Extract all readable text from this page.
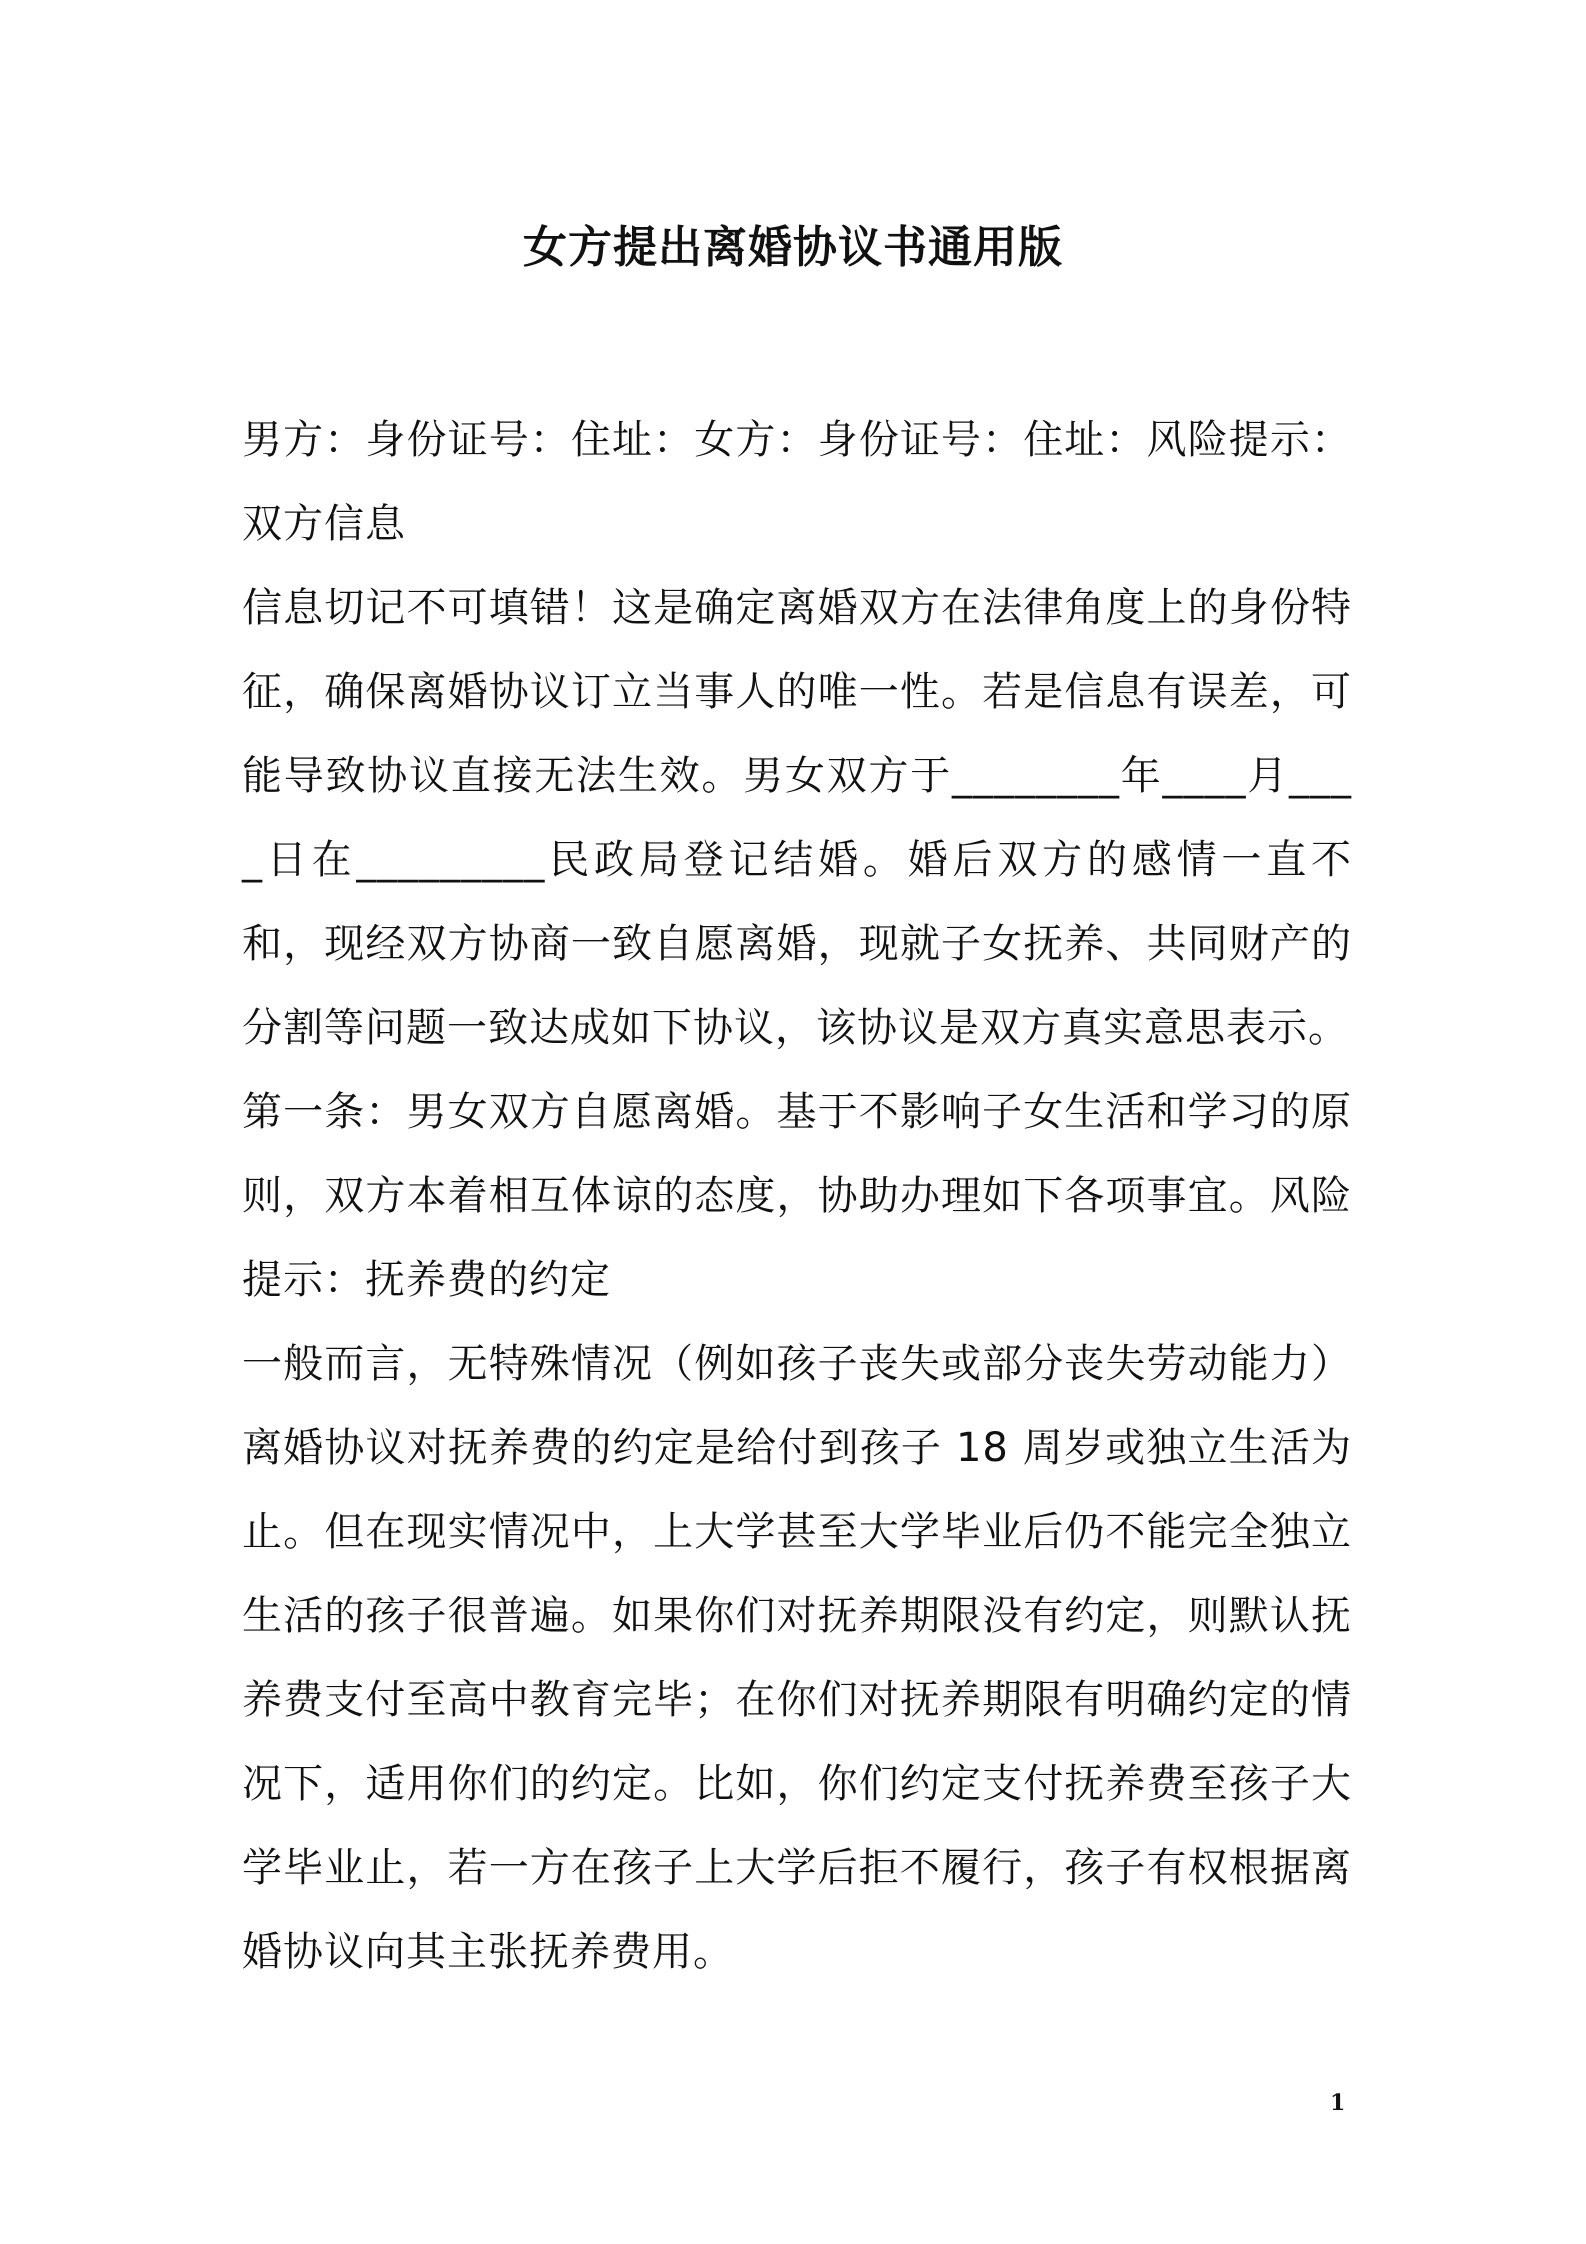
女方提出离婚协议书通用版

男方：身份证号：住址：女方：身份证号：住址：风险提示：双方信息

信息切记不可填错！这是确定离婚双方在法律角度上的身份特征，确保离婚协议订立当事人的唯一性。若是信息有误差，可能导致协议直接无法生效。男女双方于________年____月____日在_________民政局登记结婚。婚后双方的感情一直不和，现经双方协商一致自愿离婚，现就子女抚养、共同财产的分割等问题一致达成如下协议，该协议是双方真实意思表示。

第一条：男女双方自愿离婚。基于不影响子女生活和学习的原则，双方本着相互体谅的态度，协助办理如下各项事宜。风险提示：抚养费的约定

一般而言，无特殊情况（例如孩子丧失或部分丧失劳动能力）离婚协议对抚养费的约定是给付到孩子 18 周岁或独立生活为止。但在现实情况中，上大学甚至大学毕业后仍不能完全独立生活的孩子很普遍。如果你们对抚养期限没有约定，则默认抚养费支付至高中教育完毕；在你们对抚养期限有明确约定的情况下，适用你们的约定。比如，你们约定支付抚养费至孩子大学毕业止，若一方在孩子上大学后拒不履行，孩子有权根据离婚协议向其主张抚养费用。

1
